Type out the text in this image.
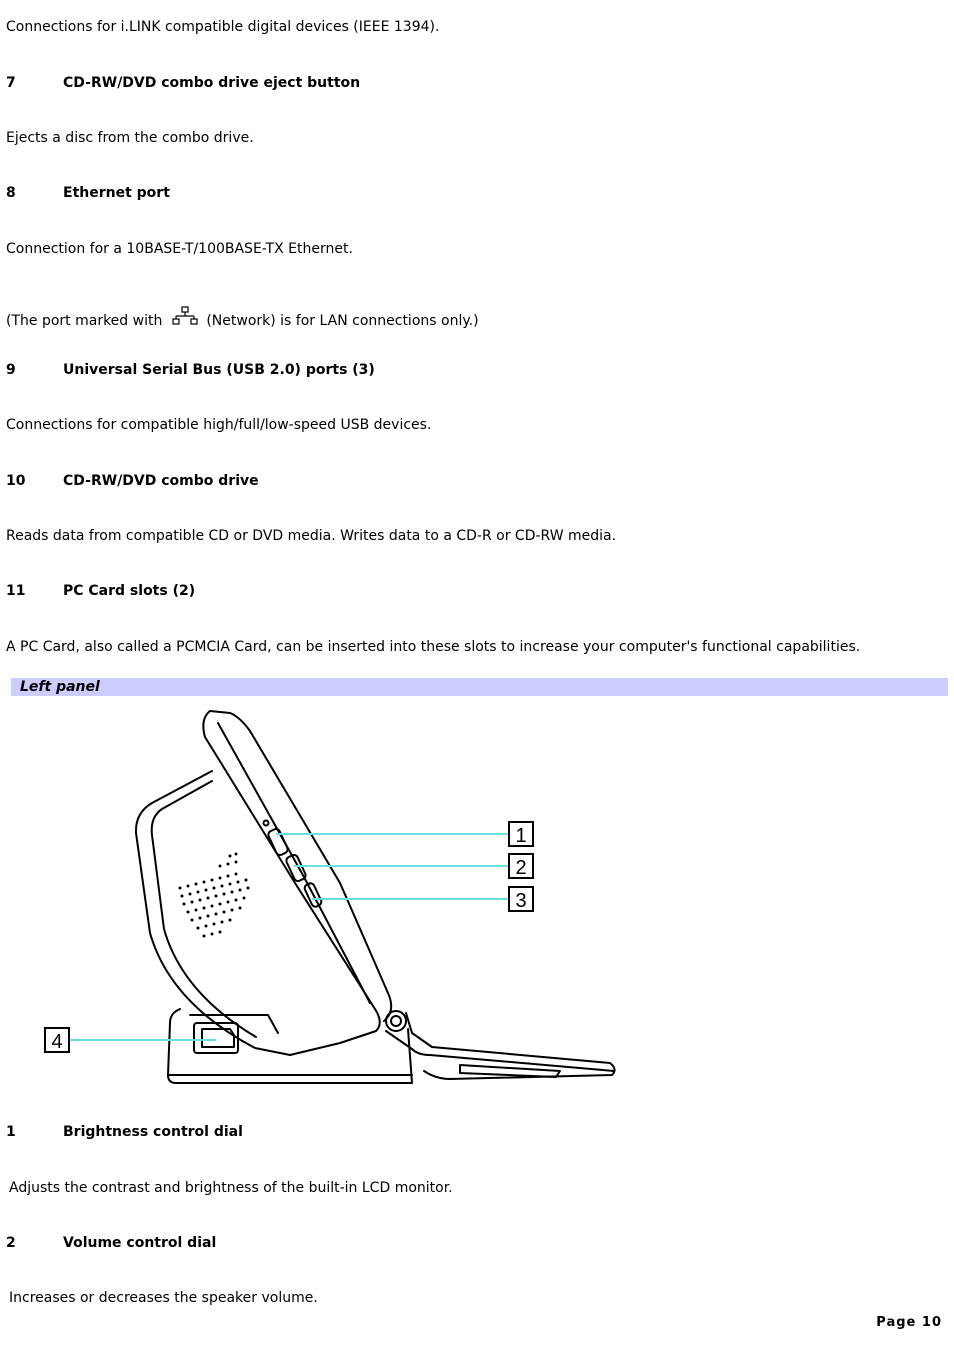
Connections for i.LINK compatible digital devices (IEEE 1394).
7	CD-RW/DVD combo drive eject button
Ejects a disc from the combo drive.
8	Ethernet port
Connection for a 10BASE-T/100BASE-TX Ethernet.
(The port marked with	(Network) is for LAN connections only.)
9	Universal Serial Bus (USB 2.0) ports (3)
Connections for compatible high/full/low-speed USB devices.
10	CD-RW/DVD combo drive
Reads data from compatible CD or DVD media. Writes data to a CD-R or CD-RW media.
11	PC Card slots (2)
A PC Card, also called a PCMCIA Card, can be inserted into these slots to increase your computer's functional capabilities.
Left panel
1
2
3
4
1	Brightness control dial
Adjusts the contrast and brightness of the built-in LCD monitor.
2	Volume control dial
Increases or decreases the speaker volume.
Page 10
